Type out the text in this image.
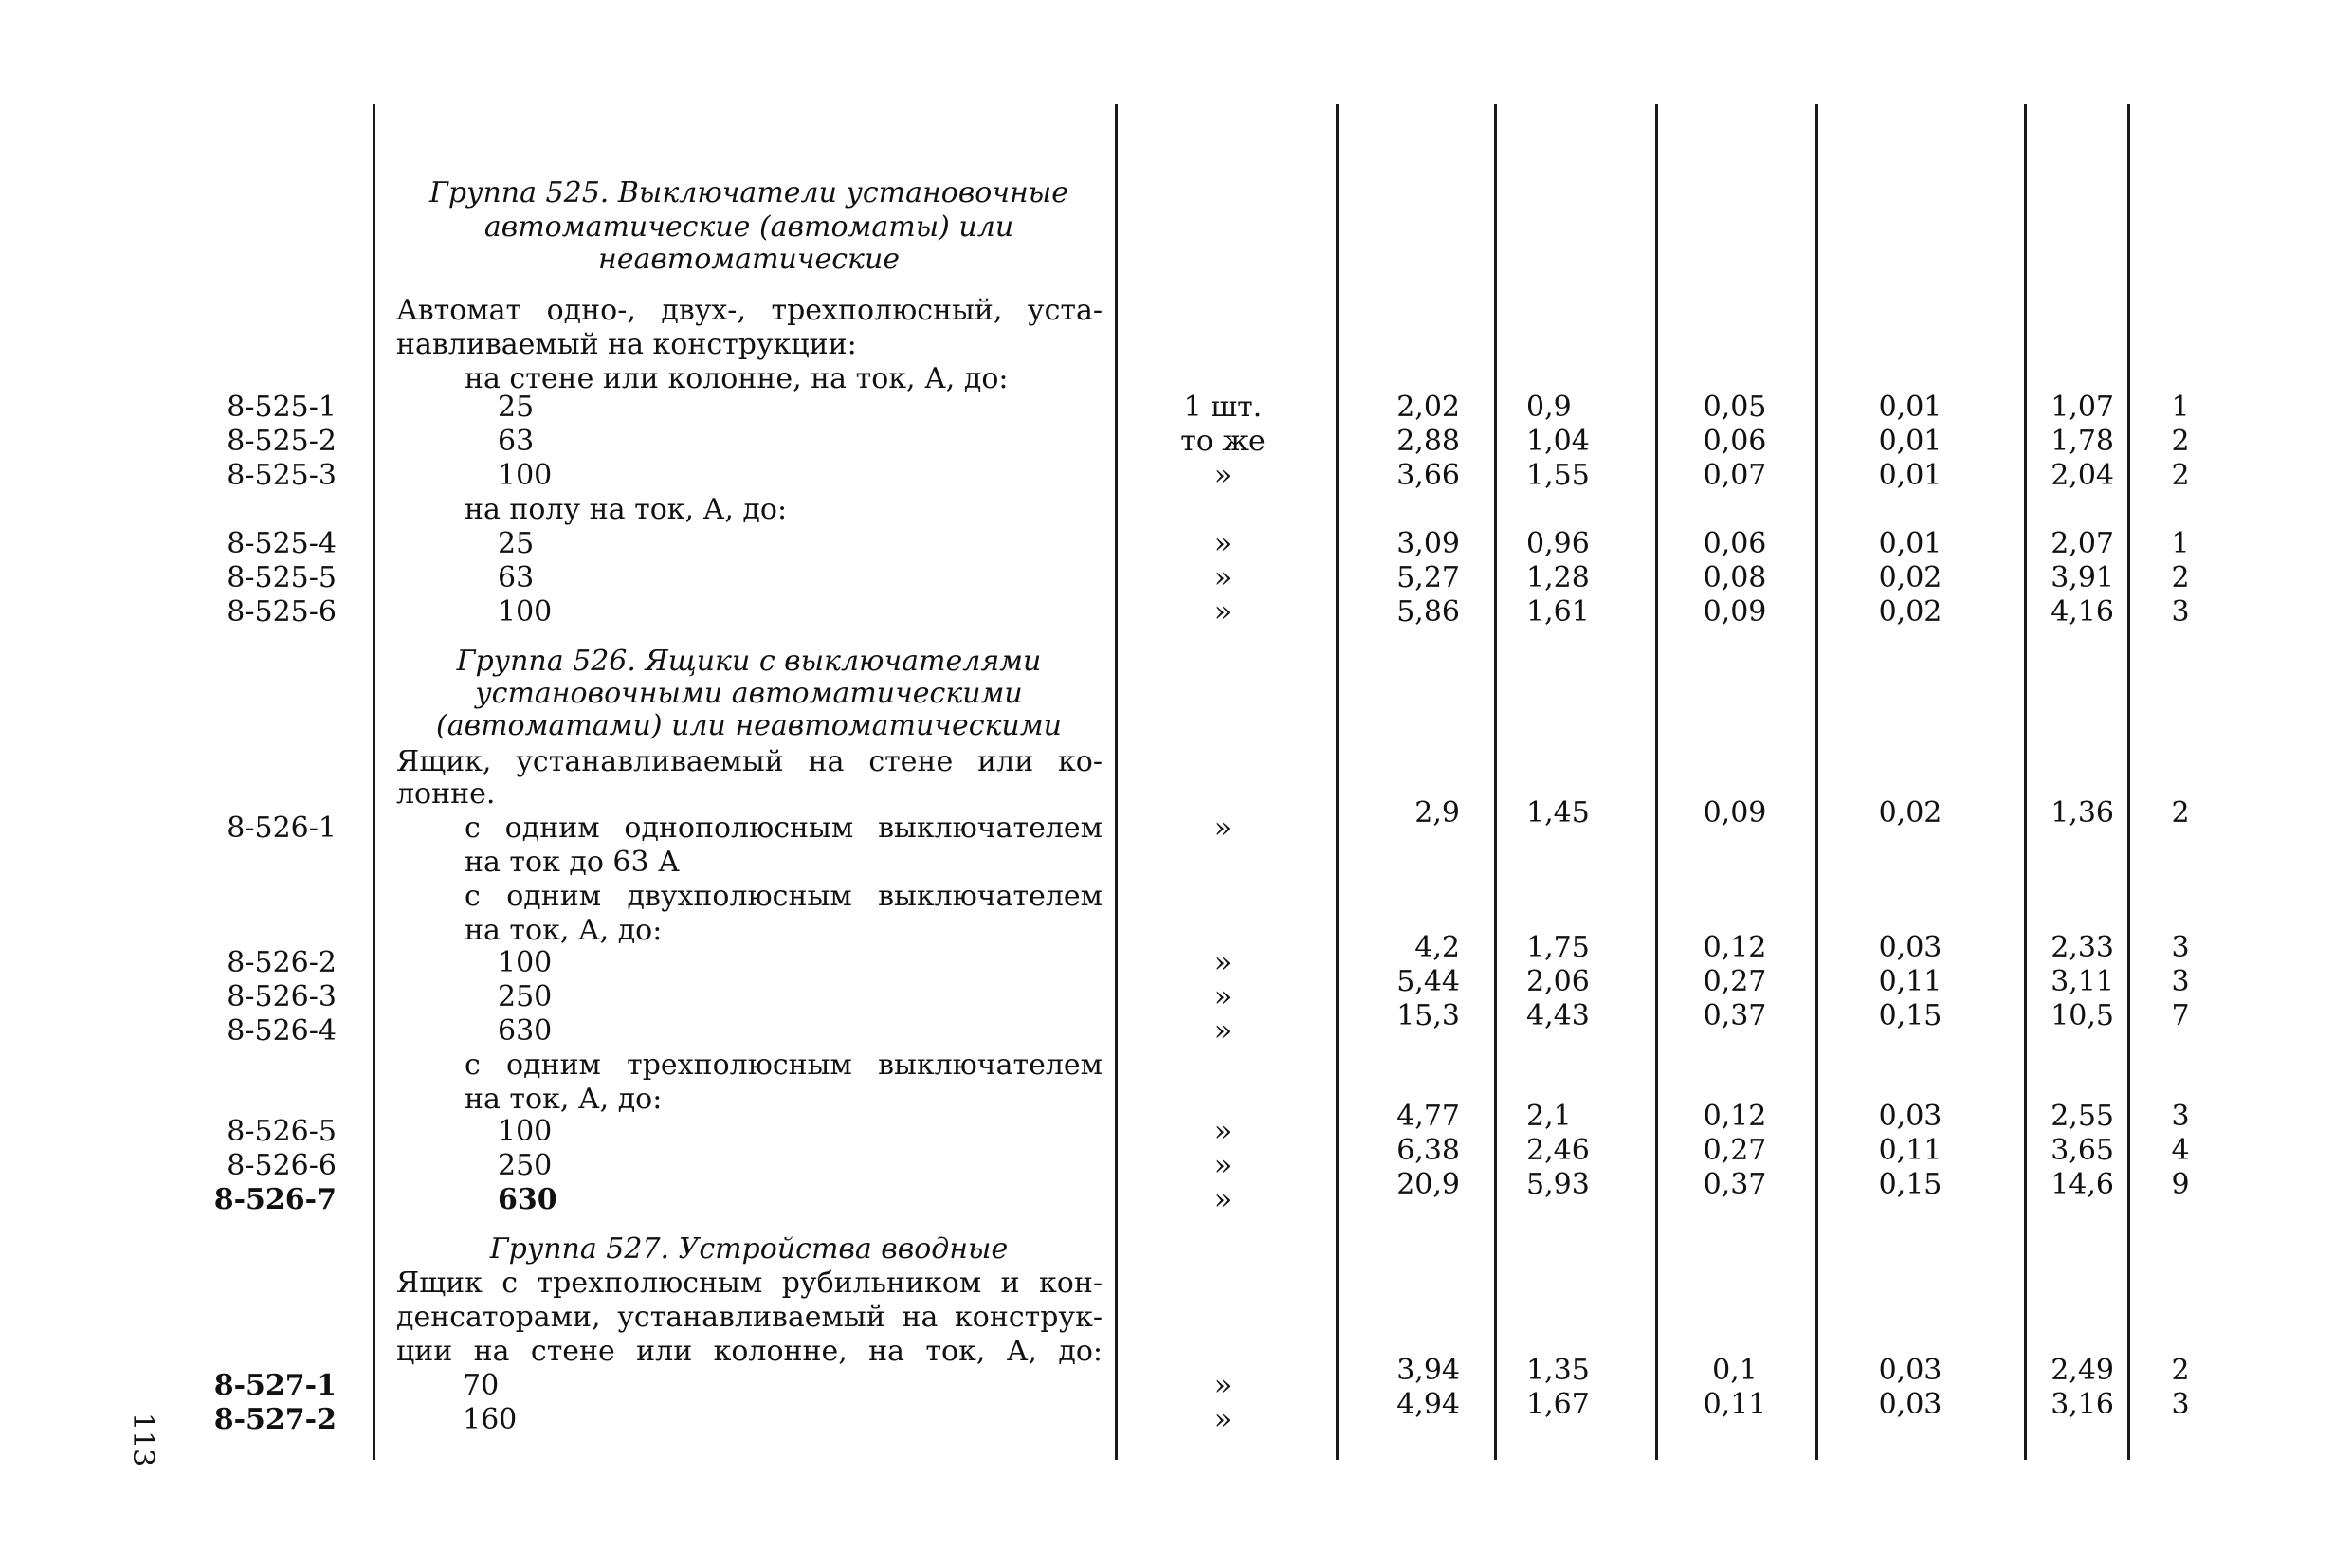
Группа 525. Выключатели установочные
автоматические (автоматы) или
неавтоматические
Автомат одно-, двух-, трехполюсный, уста-
навливаемый на конструкции:
на стене или колонне, на ток, А, до:
8-525-1	25	1 шт.	2,02 0,9	0,05	0,01	1,07	1
8-525-2	63	то же	2,88 1,04	0,06	0,01	1,78	2
8-525-3	100	»	3,66 1,55	0,07	0,01	2,04	2
на полу на ток, А, до:
8-525-4	25	»	3,09 0,96	0,06	0,01	2,07	1
8-525-5	63	»	5,27 1,28	0,08	0,02	3,91	2
8-525-6	100	»	5,86 1,61	0,09	0,02	4,16	3
Группа 526. Ящики с выключателями
установочными автоматическими
(автоматами) или неавтоматическими
Ящик, устанавливаемый на стене или ко-
лонне.
с одним однополюсным выключателем
на ток до 63 А
8-526-1	»	2,9 1,45	0,09	0,02	1,36	2
с одним двухполюсным выключателем
на ток, А, до:
8-526-2	100	»	4,2 1,75	0,12	0,03	2,33	3
8-526-3	250	»	5,44 2,06	0,27	0,11	3,11	3
8-526-4	630	»	15,3 4,43	0,37	0,15	10,5	7
с одним трехполюсным выключателем
на ток, А, до:
8-526-5	100	»	4,77 2,1	0,12	0,03	2,55	3
8-526-6	250	»	6,38 2,46	0,27	0,11	3,65	4
8-526-7	630	»	20,9 5,93	0,37	0,15	14,6	9
Группа 527. Устройства вводные
Ящик с трехполюсным рубильником и кон-
денсаторами, устанавливаемый на конструк-
ции на стене или колонне, на ток, А, до:
8-527-1	70	»	3,94 1,35	0,1	0,03	2,49	2
8-527-2	160	»	4,94 1,67	0,11	0,03	3,16	3
113
